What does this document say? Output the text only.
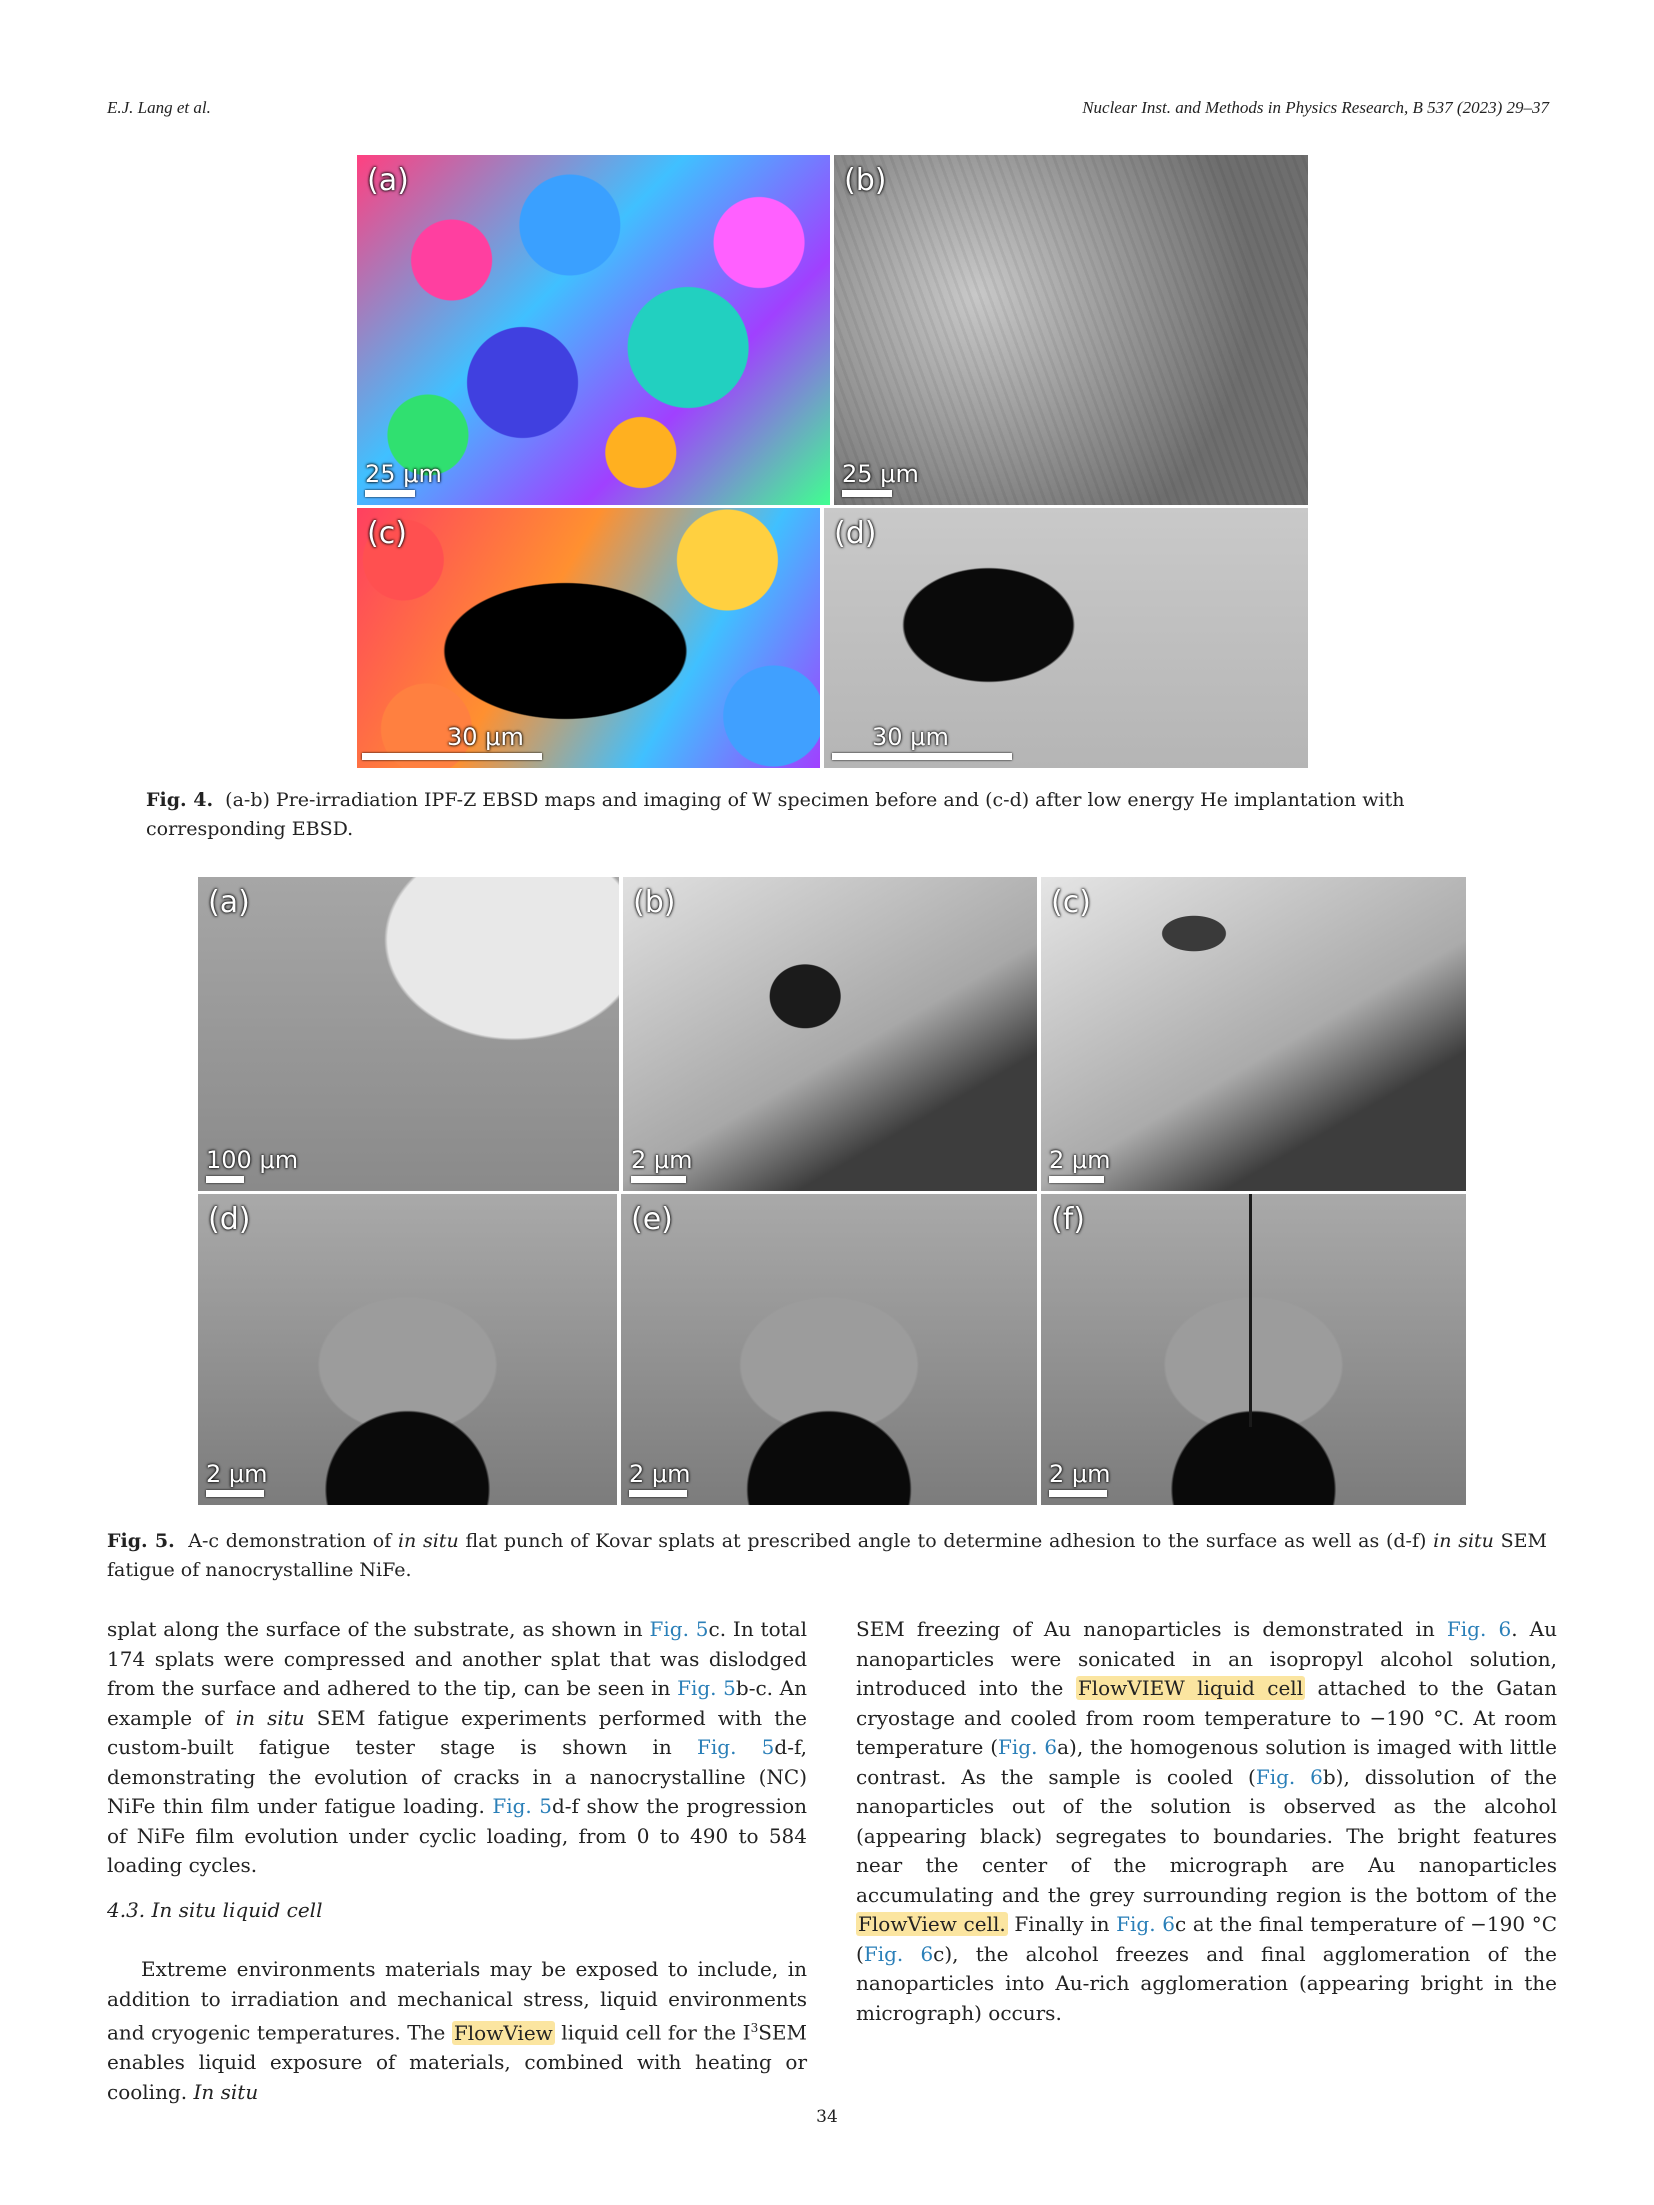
E.J. Lang et al.	Nuclear Inst. and Methods in Physics Research, B 537 (2023) 29–37
(a)
25 μm
(b)
25 μm
(c)
30 μm
(d)
30 μm
Fig. 4. (a-b) Pre-irradiation IPF-Z EBSD maps and imaging of W specimen before and (c-d) after low energy He implantation with corresponding EBSD.
(a)
100 μm
(b)
2 μm
(c)
2 μm
(d)
2 μm
(e)
2 μm
(f)
2 μm
Fig. 5. A-c demonstration of in situ flat punch of Kovar splats at prescribed angle to determine adhesion to the surface as well as (d-f) in situ SEM fatigue of nanocrystalline NiFe.

splat along the surface of the substrate, as shown in Fig. 5c. In total 174 splats were compressed and another splat that was dislodged from the surface and adhered to the tip, can be seen in Fig. 5b-c. An example of in situ SEM fatigue experiments performed with the custom-built fatigue tester stage is shown in Fig. 5d-f, demonstrating the evolution of cracks in a nanocrystalline (NC) NiFe thin film under fatigue loading. Fig. 5d-f show the progression of NiFe film evolution under cyclic loading, from 0 to 490 to 584 loading cycles.

4.3. In situ liquid cell

Extreme environments materials may be exposed to include, in addition to irradiation and mechanical stress, liquid environments and cryogenic temperatures. The FlowView liquid cell for the $I^3SEM$ enables liquid exposure of materials, combined with heating or cooling. In situ

SEM freezing of Au nanoparticles is demonstrated in Fig. 6. Au nanoparticles were sonicated in an isopropyl alcohol solution, introduced into the FlowVIEW liquid cell attached to the Gatan cryostage and cooled from room temperature to −190 °C. At room temperature (Fig. 6a), the homogenous solution is imaged with little contrast. As the sample is cooled (Fig. 6b), dissolution of the nanoparticles out of the solution is observed as the alcohol (appearing black) segregates to boundaries. The bright features near the center of the micrograph are Au nanoparticles accumulating and the grey surrounding region is the bottom of the FlowView cell. Finally in Fig. 6c at the final temperature of −190 °C (Fig. 6c), the alcohol freezes and final agglomeration of the nanoparticles into Au-rich agglomeration (appearing bright in the micrograph) occurs.

34
